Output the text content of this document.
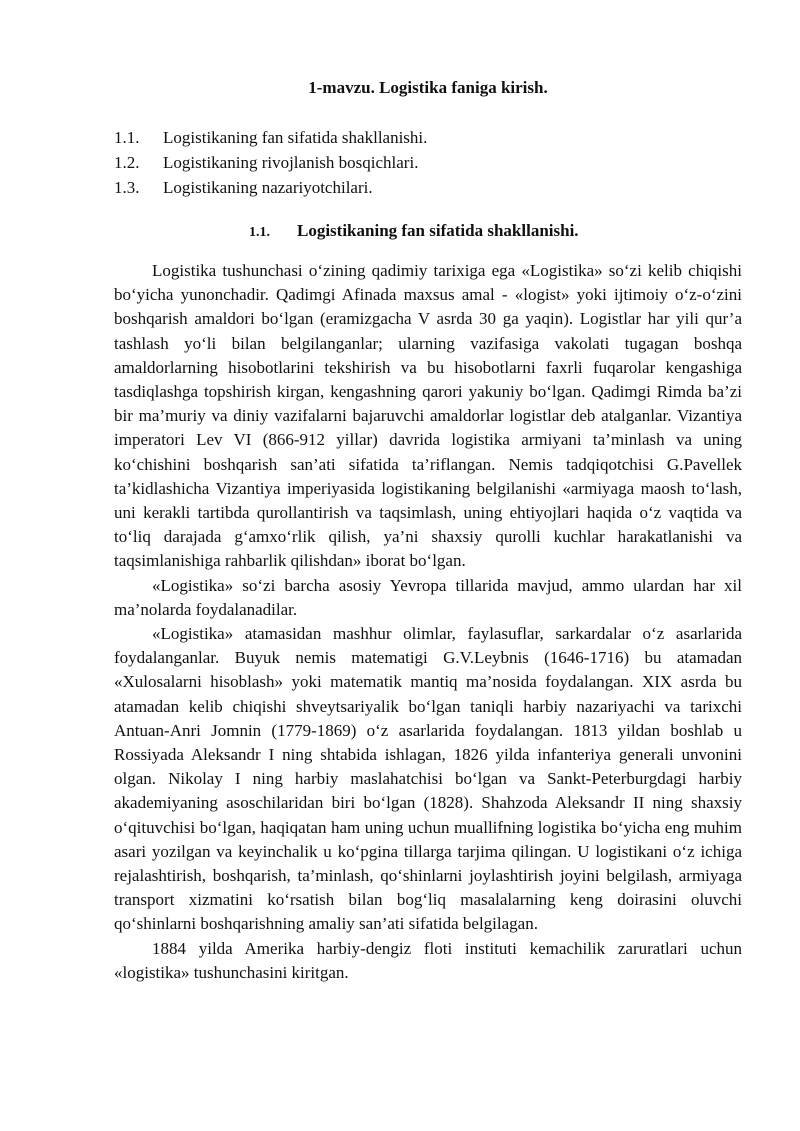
1-mavzu. Logistika faniga kirish.
1.1.	Logistikaning fan sifatida shakllanishi.
1.2.	Logistikaning rivojlanish bosqichlari.
1.3.	Logistikaning nazariyotchilari.
1.1. Logistikaning fan sifatida shakllanishi.

Logistika tushunchasi o‘zining qadimiy tarixiga ega «Logistika» so‘zi kelib chiqishi bo‘yicha yunonchadir. Qadimgi Afinada maxsus amal - «logist» yoki ijtimoiy o‘z-o‘zini boshqarish amaldori bo‘lgan (eramizgacha V asrda 30 ga yaqin). Logistlar har yili qur’a tashlash yo‘li bilan belgilanganlar; ularning vazifasiga vakolati tugagan boshqa amaldorlarning hisobotlarini tekshirish va bu hisobotlarni faxrli fuqarolar kengashiga tasdiqlashga topshirish kirgan, kengashning qarori yakuniy bo‘lgan. Qadimgi Rimda ba’zi bir ma’muriy va diniy vazifalarni bajaruvchi amaldorlar logistlar deb atalganlar. Vizantiya imperatori Lev VI (866-912 yillar) davrida logistika armiyani ta’minlash va uning ko‘chishini boshqarish san’ati sifatida ta’riflangan. Nemis tadqiqotchisi G.Pavellek ta’kidlashicha Vizantiya imperiyasida logistikaning belgilanishi «armiyaga maosh to‘lash, uni kerakli tartibda qurollantirish va taqsimlash, uning ehtiyojlari haqida o‘z vaqtida va to‘liq darajada g‘amxo‘rlik qilish, ya’ni shaxsiy qurolli kuchlar harakatlanishi va taqsimlanishiga rahbarlik qilishdan» iborat bo‘lgan.

«Logistika» so‘zi barcha asosiy Yevropa tillarida mavjud, ammo ulardan har xil ma’nolarda foydalanadilar.

«Logistika» atamasidan mashhur olimlar, faylasuflar, sarkardalar o‘z asarlarida foydalanganlar. Buyuk nemis matematigi G.V.Leybnis (1646-1716) bu atamadan «Xulosalarni hisoblash» yoki matematik mantiq ma’nosida foydalangan. XIX asrda bu atamadan kelib chiqishi shveytsariyalik bo‘lgan taniqli harbiy nazariyachi va tarixchi Antuan-Anri Jomnin (1779-1869) o‘z asarlarida foydalangan. 1813 yildan boshlab u Rossiyada Aleksandr I ning shtabida ishlagan, 1826 yilda infanteriya generali unvonini olgan. Nikolay I ning harbiy maslahatchisi bo‘lgan va Sankt-Peterburgdagi harbiy akademiyaning asoschilaridan biri bo‘lgan (1828). Shahzoda Aleksandr II ning shaxsiy o‘qituvchisi bo‘lgan, haqiqatan ham uning uchun muallifning logistika bo‘yicha eng muhim asari yozilgan va keyinchalik u ko‘pgina tillarga tarjima qilingan. U logistikani o‘z ichiga rejalashtirish, boshqarish, ta’minlash, qo‘shinlarni joylashtirish joyini belgilash, armiyaga transport xizmatini ko‘rsatish bilan bog‘liq masalalarning keng doirasini oluvchi qo‘shinlarni boshqarishning amaliy san’ati sifatida belgilagan.

1884 yilda Amerika harbiy-dengiz floti instituti kemachilik zaruratlari uchun «logistika» tushunchasini kiritgan.
